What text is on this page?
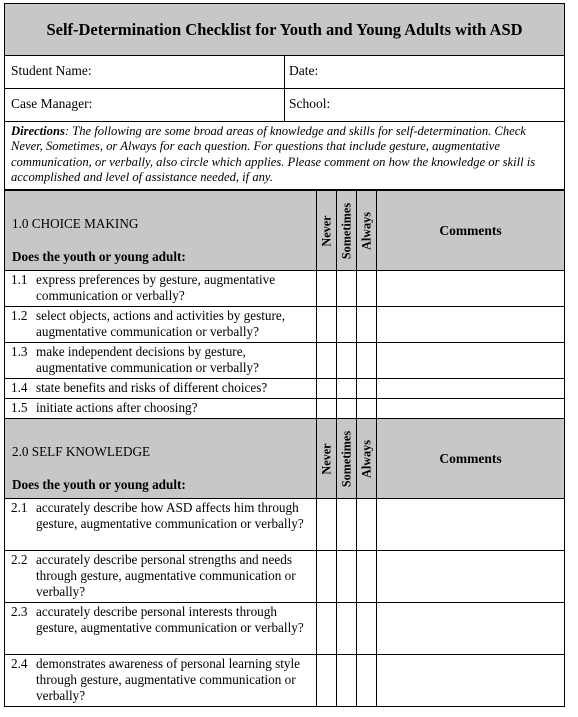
Self-Determination Checklist for Youth and Young Adults with ASD
Student Name:	Date:
Case Manager:	School:
Directions: The following are some broad areas of knowledge and skills for self-determination. Check Never, Sometimes, or Always for each question. For questions that include gesture, augmentative communication, or verbally, also circle which applies. Please comment on how the knowledge or skill is accomplished and level of assistance needed, if any.
1.0 CHOICE MAKING
Does the youth or young adult:	Never	Sometimes	Always	Comments

1.1 express preferences by gesture, augmentative communication or verbally?				

1.2 select objects, actions and activities by gesture, augmentative communication or verbally?				

1.3 make independent decisions by gesture, augmentative communication or verbally?				

1.4 state benefits and risks of different choices?				

1.5 initiate actions after choosing?				

2.0 SELF KNOWLEDGE
Does the youth or young adult:	Never	Sometimes	Always	Comments

2.1 accurately describe how ASD affects him through gesture, augmentative communication or verbally?				

2.2 accurately describe personal strengths and needs through gesture, augmentative communication or verbally?				

2.3 accurately describe personal interests through gesture, augmentative communication or verbally?				

2.4 demonstrates awareness of personal learning style through gesture, augmentative communication or verbally?				
